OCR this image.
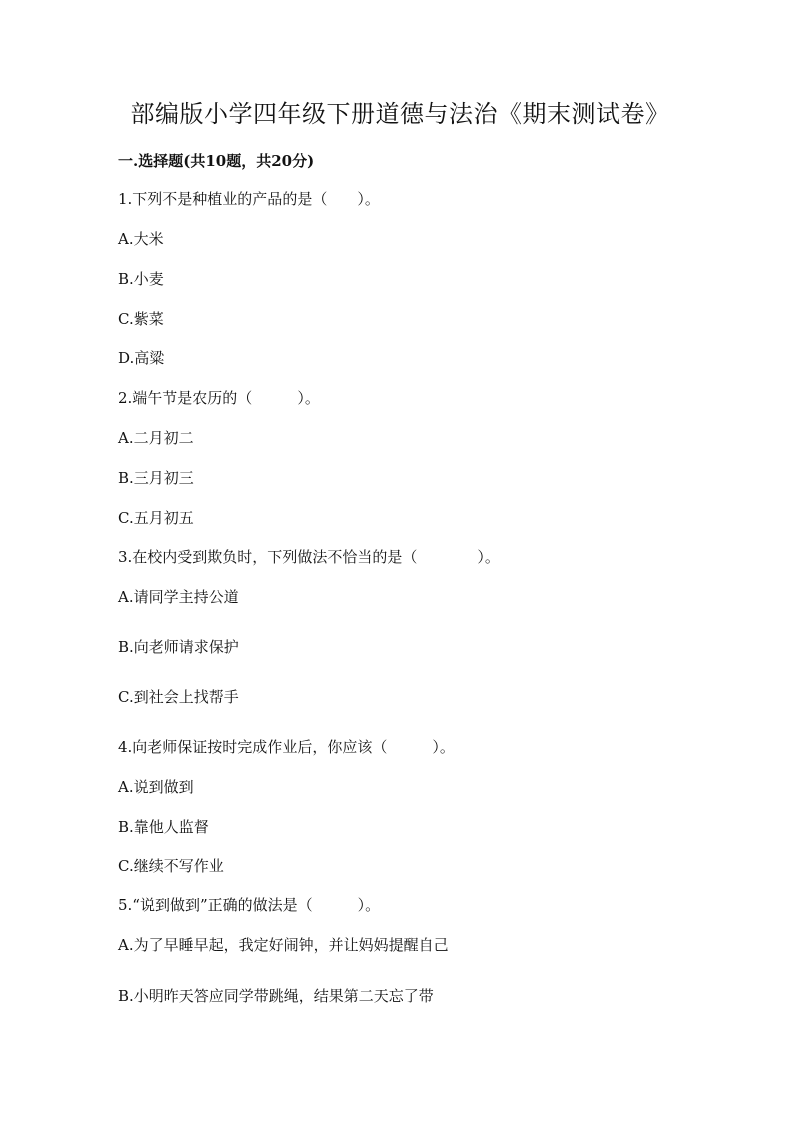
部编版小学四年级下册道德与法治《期末测试卷》
一.选择题(共10题，共20分)
1.下列不是种植业的产品的是（　　）。
A.大米
B.小麦
C.紫菜
D.高粱
2.端午节是农历的（　　　）。
A.二月初二
B.三月初三
C.五月初五
3.在校内受到欺负时，下列做法不恰当的是（　　　　）。
A.请同学主持公道
B.向老师请求保护
C.到社会上找帮手
4.向老师保证按时完成作业后，你应该（　　　）。
A.说到做到
B.靠他人监督
C.继续不写作业
5.“说到做到”正确的做法是（　　　）。
A.为了早睡早起，我定好闹钟，并让妈妈提醒自己
B.小明昨天答应同学带跳绳，结果第二天忘了带
